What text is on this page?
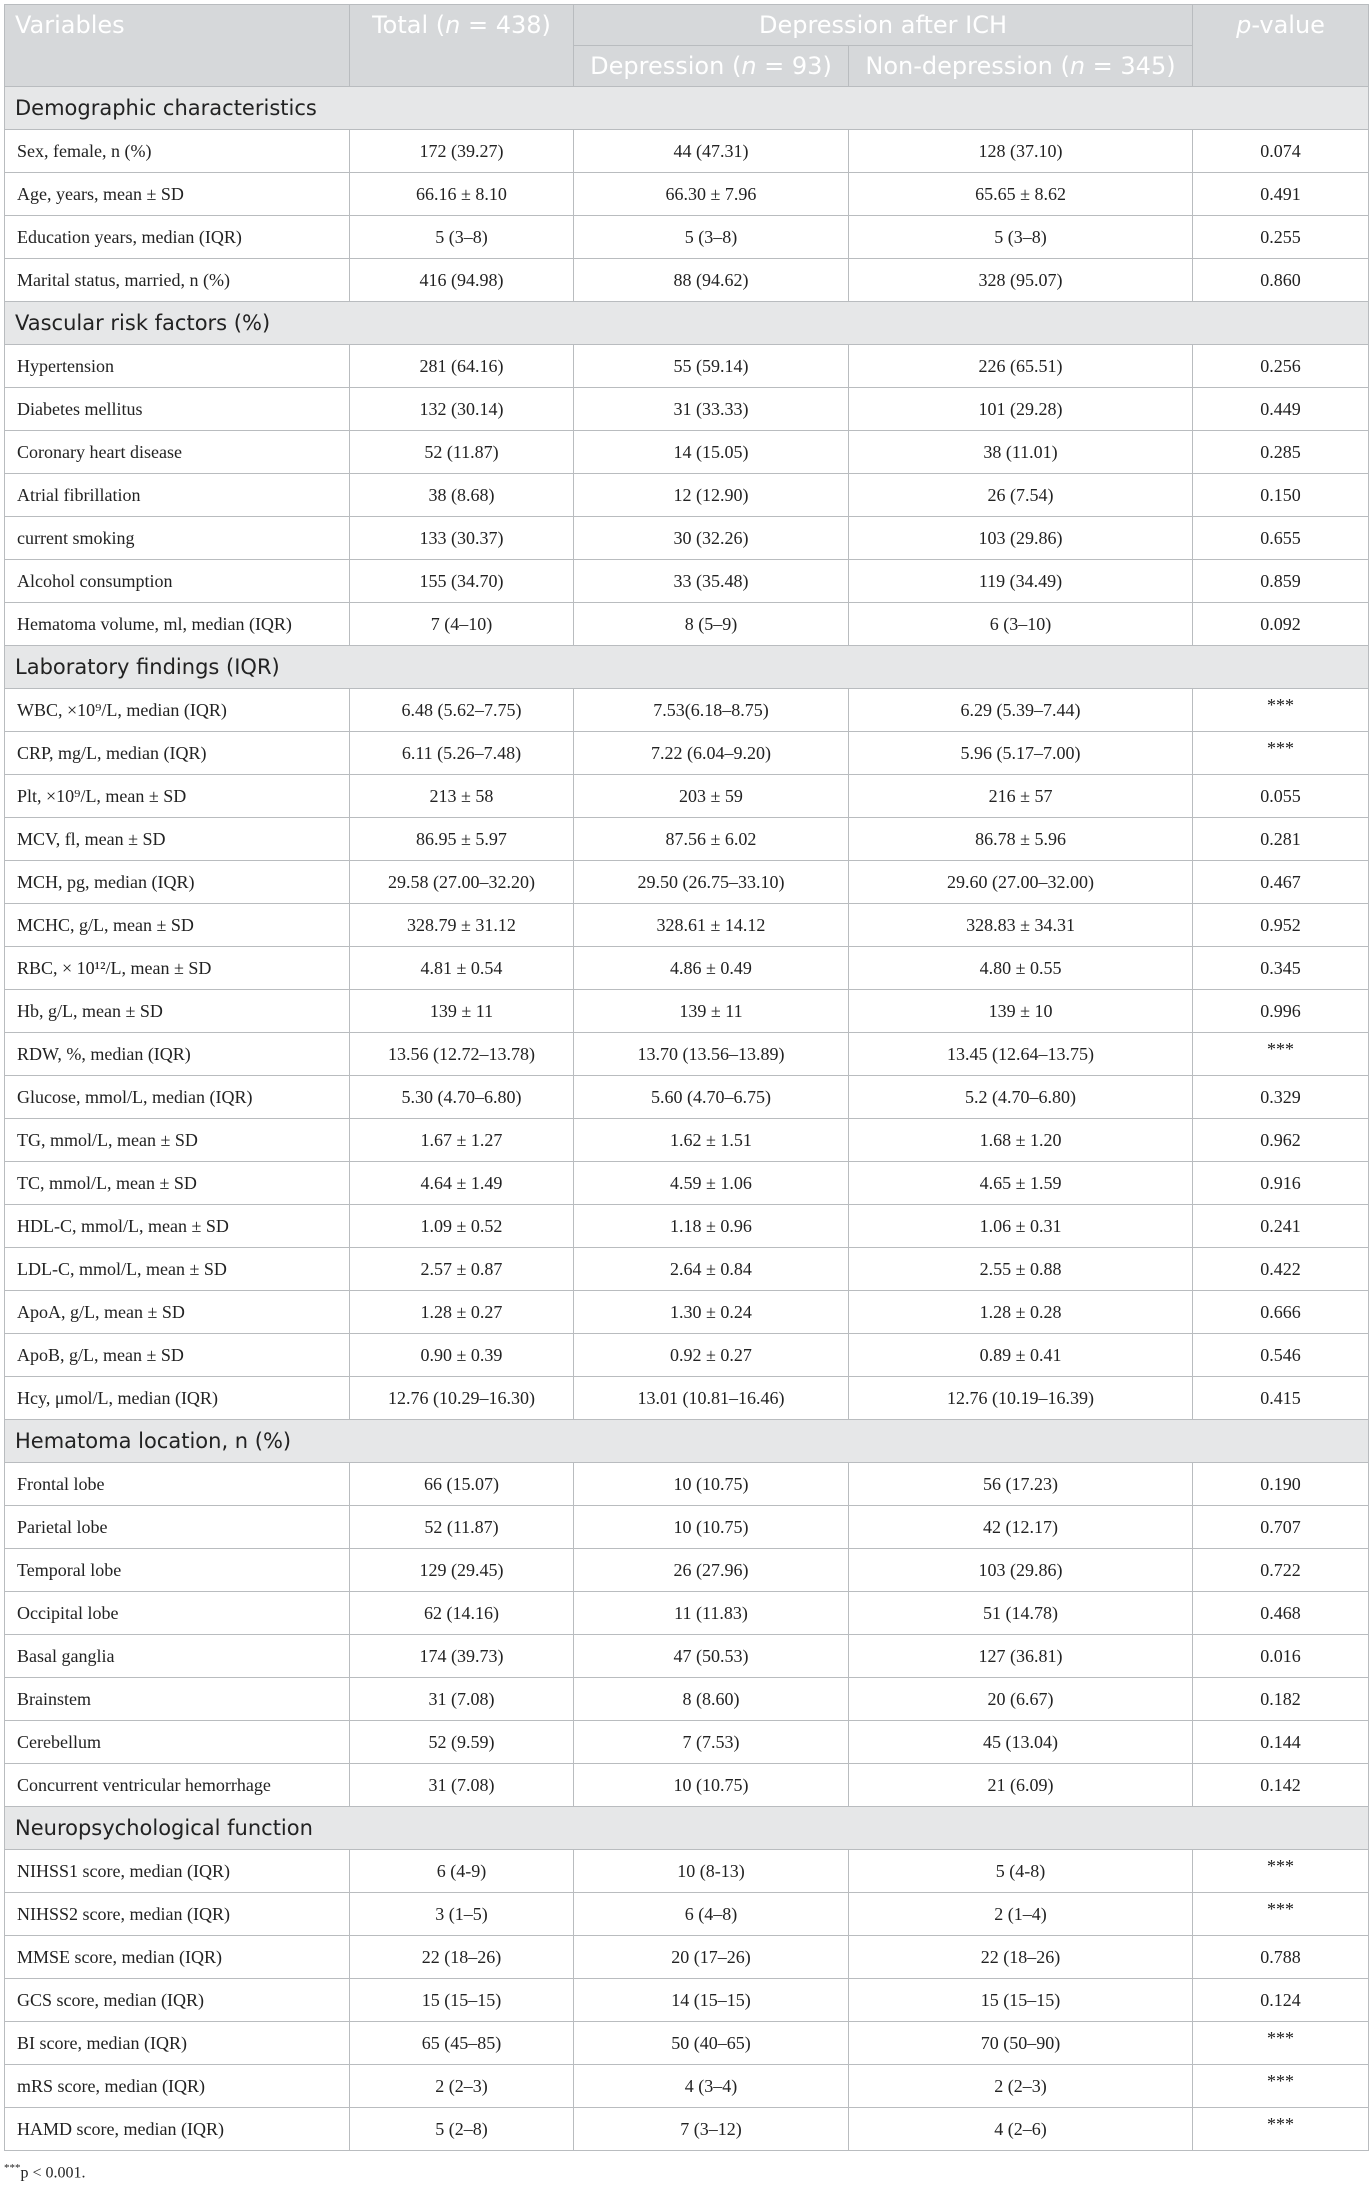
Variables	Total (n = 438)	Depression after ICH		p-value
		Depression (n = 93)	Non-depression (n = 345)	
Demographic characteristics				
Sex, female, n (%)	172 (39.27)	44 (47.31)	128 (37.10)	0.074
Age, years, mean ± SD	66.16 ± 8.10	66.30 ± 7.96	65.65 ± 8.62	0.491
Education years, median (IQR)	5 (3–8)	5 (3–8)	5 (3–8)	0.255
Marital status, married, n (%)	416 (94.98)	88 (94.62)	328 (95.07)	0.860
Vascular risk factors (%)				
Hypertension	281 (64.16)	55 (59.14)	226 (65.51)	0.256
Diabetes mellitus	132 (30.14)	31 (33.33)	101 (29.28)	0.449
Coronary heart disease	52 (11.87)	14 (15.05)	38 (11.01)	0.285
Atrial fibrillation	38 (8.68)	12 (12.90)	26 (7.54)	0.150
current smoking	133 (30.37)	30 (32.26)	103 (29.86)	0.655
Alcohol consumption	155 (34.70)	33 (35.48)	119 (34.49)	0.859
Hematoma volume, ml, median (IQR)	7 (4–10)	8 (5–9)	6 (3–10)	0.092
Laboratory findings (IQR)				
WBC, ×10⁹/L, median (IQR)	6.48 (5.62–7.75)	7.53(6.18–8.75)	6.29 (5.39–7.44)	***
CRP, mg/L, median (IQR)	6.11 (5.26–7.48)	7.22 (6.04–9.20)	5.96 (5.17–7.00)	***
Plt, ×10⁹/L, mean ± SD	213 ± 58	203 ± 59	216 ± 57	0.055
MCV, fl, mean ± SD	86.95 ± 5.97	87.56 ± 6.02	86.78 ± 5.96	0.281
MCH, pg, median (IQR)	29.58 (27.00–32.20)	29.50 (26.75–33.10)	29.60 (27.00–32.00)	0.467
MCHC, g/L, mean ± SD	328.79 ± 31.12	328.61 ± 14.12	328.83 ± 34.31	0.952
RBC, × 10¹²/L, mean ± SD	4.81 ± 0.54	4.86 ± 0.49	4.80 ± 0.55	0.345
Hb, g/L, mean ± SD	139 ± 11	139 ± 11	139 ± 10	0.996
RDW, %, median (IQR)	13.56 (12.72–13.78)	13.70 (13.56–13.89)	13.45 (12.64–13.75)	***
Glucose, mmol/L, median (IQR)	5.30 (4.70–6.80)	5.60 (4.70–6.75)	5.2 (4.70–6.80)	0.329
TG, mmol/L, mean ± SD	1.67 ± 1.27	1.62 ± 1.51	1.68 ± 1.20	0.962
TC, mmol/L, mean ± SD	4.64 ± 1.49	4.59 ± 1.06	4.65 ± 1.59	0.916
HDL-C, mmol/L, mean ± SD	1.09 ± 0.52	1.18 ± 0.96	1.06 ± 0.31	0.241
LDL-C, mmol/L, mean ± SD	2.57 ± 0.87	2.64 ± 0.84	2.55 ± 0.88	0.422
ApoA, g/L, mean ± SD	1.28 ± 0.27	1.30 ± 0.24	1.28 ± 0.28	0.666
ApoB, g/L, mean ± SD	0.90 ± 0.39	0.92 ± 0.27	0.89 ± 0.41	0.546
Hcy, μmol/L, median (IQR)	12.76 (10.29–16.30)	13.01 (10.81–16.46)	12.76 (10.19–16.39)	0.415
Hematoma location, n (%)				
Frontal lobe	66 (15.07)	10 (10.75)	56 (17.23)	0.190
Parietal lobe	52 (11.87)	10 (10.75)	42 (12.17)	0.707
Temporal lobe	129 (29.45)	26 (27.96)	103 (29.86)	0.722
Occipital lobe	62 (14.16)	11 (11.83)	51 (14.78)	0.468
Basal ganglia	174 (39.73)	47 (50.53)	127 (36.81)	0.016
Brainstem	31 (7.08)	8 (8.60)	20 (6.67)	0.182
Cerebellum	52 (9.59)	7 (7.53)	45 (13.04)	0.144
Concurrent ventricular hemorrhage	31 (7.08)	10 (10.75)	21 (6.09)	0.142
Neuropsychological function				
NIHSS1 score, median (IQR)	6 (4-9)	10 (8-13)	5 (4-8)	***
NIHSS2 score, median (IQR)	3 (1–5)	6 (4–8)	2 (1–4)	***
MMSE score, median (IQR)	22 (18–26)	20 (17–26)	22 (18–26)	0.788
GCS score, median (IQR)	15 (15–15)	14 (15–15)	15 (15–15)	0.124
BI score, median (IQR)	65 (45–85)	50 (40–65)	70 (50–90)	***
mRS score, median (IQR)	2 (2–3)	4 (3–4)	2 (2–3)	***
HAMD score, median (IQR)	5 (2–8)	7 (3–12)	4 (2–6)	***
***p < 0.001.
